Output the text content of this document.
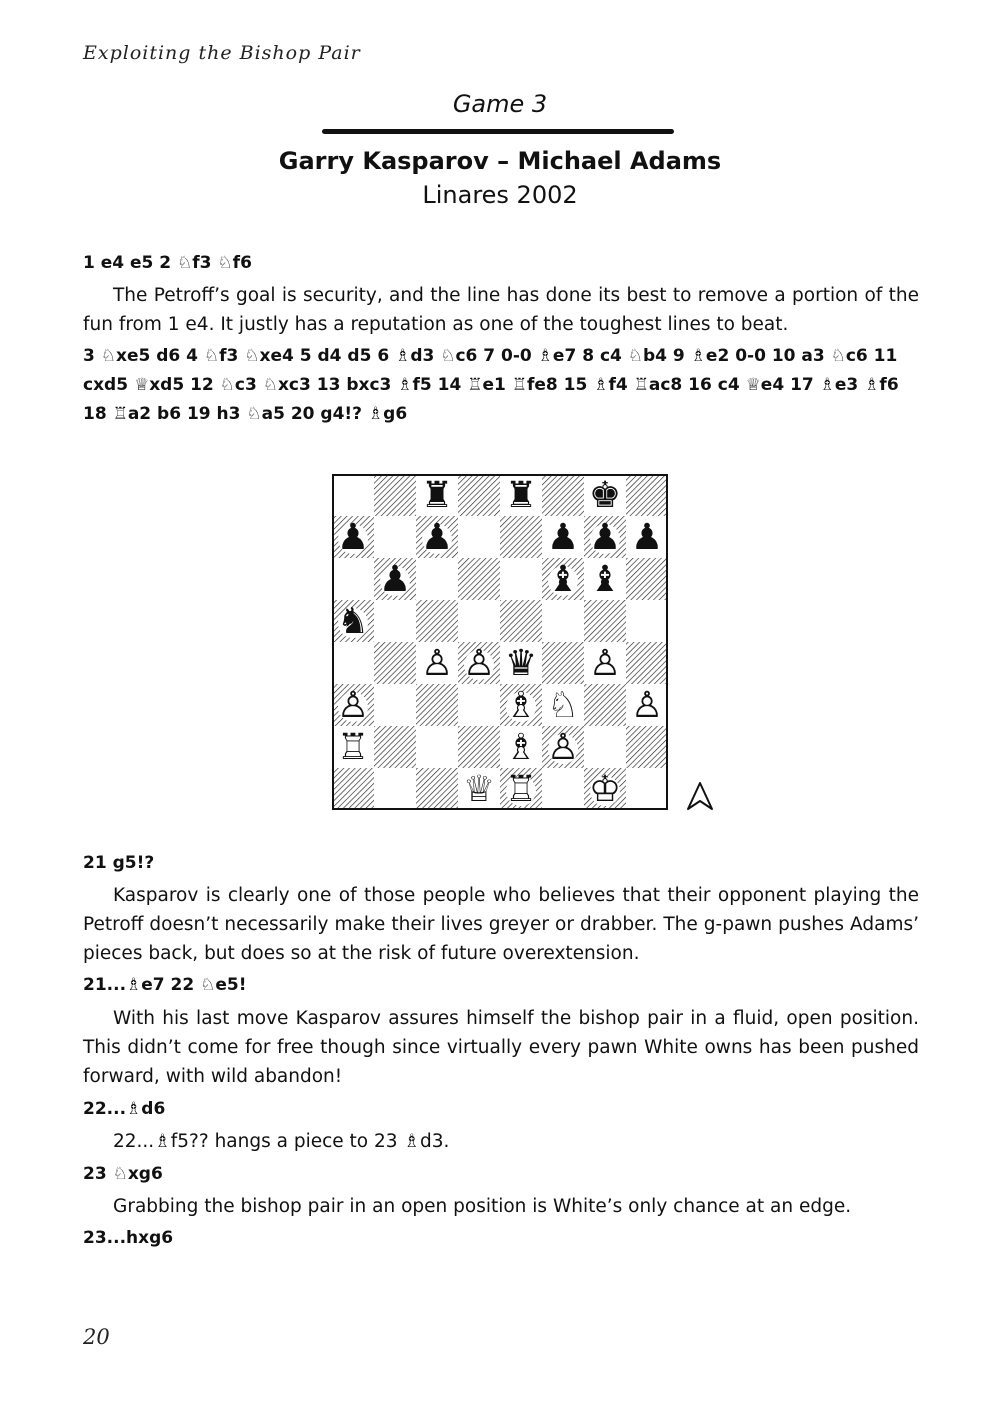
Exploiting the Bishop Pair
Game 3
Garry Kasparov – Michael Adams
Linares 2002
1 e4 e5 2 ♘f3 ♘f6
The Petroff’s goal is security, and the line has done its best to remove a portion of the fun from 1 e4. It justly has a reputation as one of the toughest lines to beat.
3 ♘xe5 d6 4 ♘f3 ♘xe4 5 d4 d5 6 ♗d3 ♘c6 7 0-0 ♗e7 8 c4 ♘b4 9 ♗e2 0-0 10 a3 ♘c6 11 cxd5 ♕xd5 12 ♘c3 ♘xc3 13 bxc3 ♗f5 14 ♖e1 ♖fe8 15 ♗f4 ♖ac8 16 c4 ♕e4 17 ♗e3 ♗f6 18 ♖a2 b6 19 h3 ♘a5 20 g4!? ♗g6
♜ ♜ ♚
♟ ♟	♟ ♟ ♟
♟	♝ ♝
♞
♛
♙ ♙	♙
♙	♗ ♘ ♙
♖	♗ ♙
♕ ♖ ♔
21 g5!?
Kasparov is clearly one of those people who believes that their opponent playing the Petroff doesn’t necessarily make their lives greyer or drabber. The g-pawn pushes Adams’ pieces back, but does so at the risk of future overextension.
21...♗e7 22 ♘e5!
With his last move Kasparov assures himself the bishop pair in a fluid, open position. This didn’t come for free though since virtually every pawn White owns has been pushed forward, with wild abandon!
22...♗d6
22...♗f5?? hangs a piece to 23 ♗d3.
23 ♘xg6
Grabbing the bishop pair in an open position is White’s only chance at an edge.
23...hxg6
20
